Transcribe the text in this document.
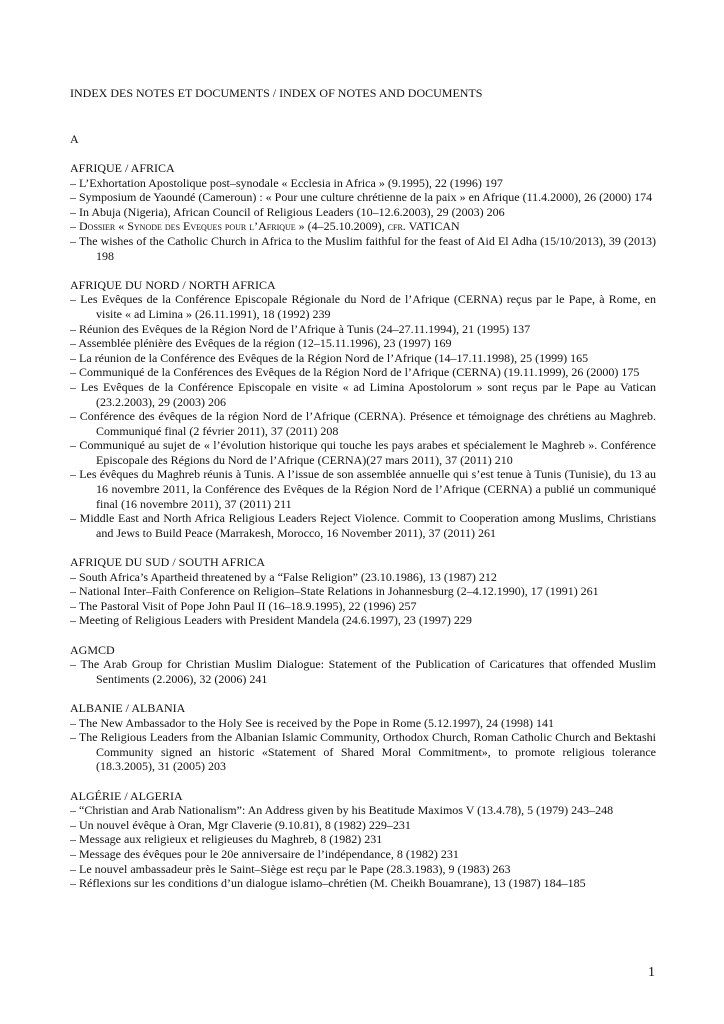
INDEX DES NOTES ET DOCUMENTS / INDEX OF NOTES AND DOCUMENTS
A
AFRIQUE / AFRICA
– L’Exhortation Apostolique post–synodale « Ecclesia in Africa » (9.1995), 22 (1996) 197
– Symposium de Yaoundé (Cameroun) : « Pour une culture chrétienne de la paix » en Afrique (11.4.2000), 26 (2000) 174
– In Abuja (Nigeria), African Council of Religious Leaders (10–12.6.2003), 29 (2003) 206
– Dossier « Synode des Eveques pour l’Afrique » (4–25.10.2009), cfr. VATICAN
– The wishes of the Catholic Church in Africa to the Muslim faithful for the feast of Aid El Adha (15/10/2013), 39 (2013) 198
AFRIQUE DU NORD / NORTH AFRICA
– Les Evêques de la Conférence Episcopale Régionale du Nord de l’Afrique (CERNA) reçus par le Pape, à Rome, en visite « ad Limina » (26.11.1991), 18 (1992) 239
– Réunion des Evêques de la Région Nord de l’Afrique à Tunis (24–27.11.1994), 21 (1995) 137
– Assemblée plénière des Evêques de la région (12–15.11.1996), 23 (1997) 169
– La réunion de la Conférence des Evêques de la Région Nord de l’Afrique (14–17.11.1998), 25 (1999) 165
– Communiqué de la Conférences des Evêques de la Région Nord de l’Afrique (CERNA) (19.11.1999), 26 (2000) 175
– Les Evêques de la Conférence Episcopale en visite « ad Limina Apostolorum » sont reçus par le Pape au Vatican (23.2.2003), 29 (2003) 206
– Conférence des évêques de la région Nord de l’Afrique (CERNA). Présence et témoignage des chrétiens au Maghreb. Communiqué final (2 février 2011), 37 (2011) 208
– Communiqué au sujet de « l’évolution historique qui touche les pays arabes et spécialement le Maghreb ». Conférence Episcopale des Régions du Nord de l’Afrique (CERNA)(27 mars 2011), 37 (2011) 210
– Les évêques du Maghreb réunis à Tunis. A l’issue de son assemblée annuelle qui s’est tenue à Tunis (Tunisie), du 13 au 16 novembre 2011, la Conférence des Evêques de la Région Nord de l’Afrique (CERNA) a publié un communiqué final (16 novembre 2011), 37 (2011) 211
– Middle East and North Africa Religious Leaders Reject Violence. Commit to Cooperation among Muslims, Christians and Jews to Build Peace (Marrakesh, Morocco, 16 November 2011), 37 (2011) 261
AFRIQUE DU SUD / SOUTH AFRICA
– South Africa’s Apartheid threatened by a “False Religion” (23.10.1986), 13 (1987) 212
– National Inter–Faith Conference on Religion–State Relations in Johannesburg (2–4.12.1990), 17 (1991) 261
– The Pastoral Visit of Pope John Paul II (16–18.9.1995), 22 (1996) 257
– Meeting of Religious Leaders with President Mandela (24.6.1997), 23 (1997) 229
AGMCD
– The Arab Group for Christian Muslim Dialogue: Statement of the Publication of Caricatures that offended Muslim Sentiments (2.2006), 32 (2006) 241
ALBANIE / ALBANIA
– The New Ambassador to the Holy See is received by the Pope in Rome (5.12.1997), 24 (1998) 141
– The Religious Leaders from the Albanian Islamic Community, Orthodox Church, Roman Catholic Church and Bektashi Community signed an historic «Statement of Shared Moral Commitment», to promote religious tolerance (18.3.2005), 31 (2005) 203
ALGÉRIE / ALGERIA
– “Christian and Arab Nationalism”: An Address given by his Beatitude Maximos V (13.4.78), 5 (1979) 243–248
– Un nouvel évêque à Oran, Mgr Claverie (9.10.81), 8 (1982) 229–231
– Message aux religieux et religieuses du Maghreb, 8 (1982) 231
– Message des évêques pour le 20e anniversaire de l’indépendance, 8 (1982) 231
– Le nouvel ambassadeur près le Saint–Siège est reçu par le Pape (28.3.1983), 9 (1983) 263
– Réflexions sur les conditions d’un dialogue islamo–chrétien (M. Cheikh Bouamrane), 13 (1987) 184–185
1
